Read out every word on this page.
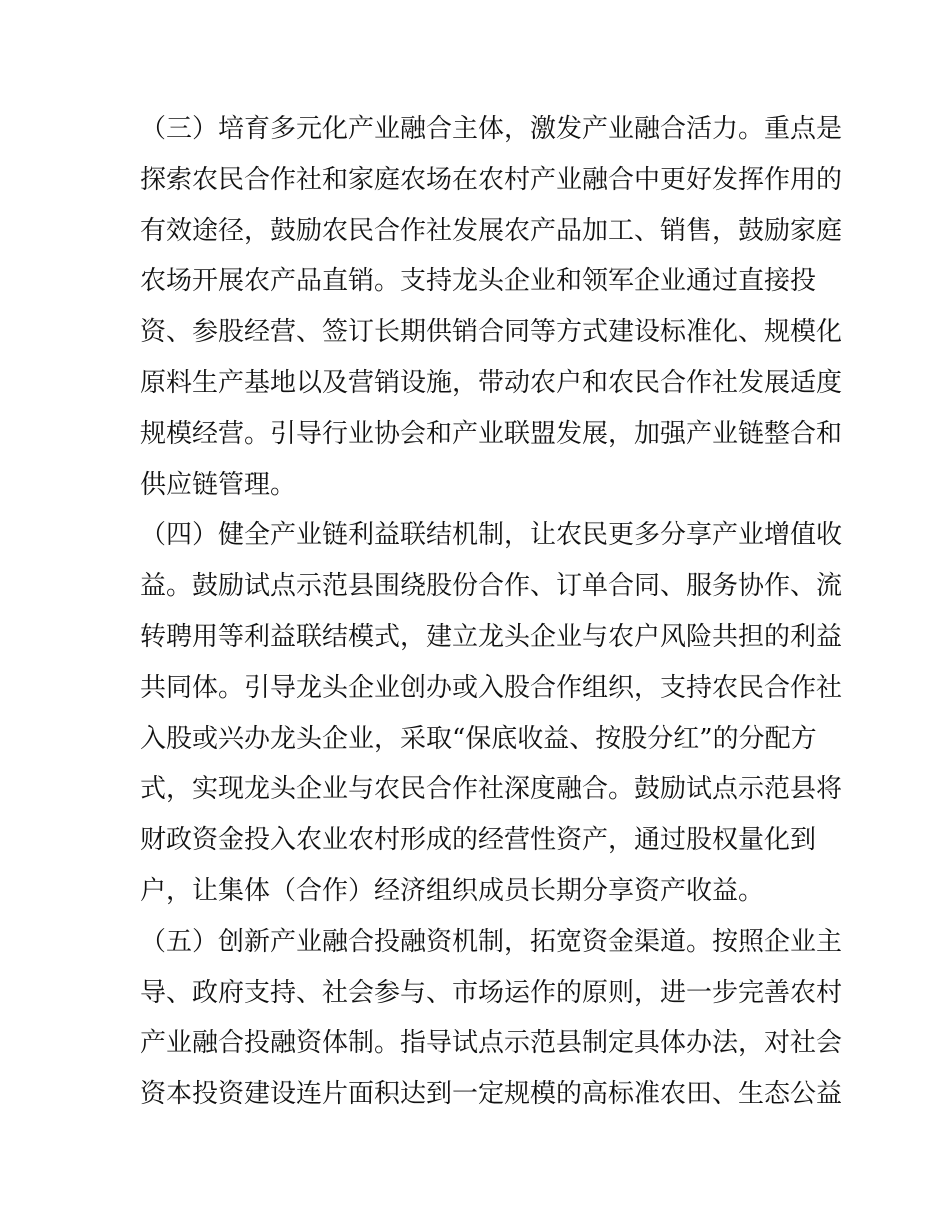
（三）培育多元化产业融合主体，激发产业融合活力。重点是
探索农民合作社和家庭农场在农村产业融合中更好发挥作用的
有效途径，鼓励农民合作社发展农产品加工、销售，鼓励家庭
农场开展农产品直销。支持龙头企业和领军企业通过直接投
资、参股经营、签订长期供销合同等方式建设标准化、规模化
原料生产基地以及营销设施，带动农户和农民合作社发展适度
规模经营。引导行业协会和产业联盟发展，加强产业链整合和
供应链管理。
（四）健全产业链利益联结机制，让农民更多分享产业增值收
益。鼓励试点示范县围绕股份合作、订单合同、服务协作、流
转聘用等利益联结模式，建立龙头企业与农户风险共担的利益
共同体。引导龙头企业创办或入股合作组织，支持农民合作社
入股或兴办龙头企业，采取“保底收益、按股分红”的分配方
式，实现龙头企业与农民合作社深度融合。鼓励试点示范县将
财政资金投入农业农村形成的经营性资产，通过股权量化到
户，让集体（合作）经济组织成员长期分享资产收益。
（五）创新产业融合投融资机制，拓宽资金渠道。按照企业主
导、政府支持、社会参与、市场运作的原则，进一步完善农村
产业融合投融资体制。指导试点示范县制定具体办法，对社会
资本投资建设连片面积达到一定规模的高标准农田、生态公益
